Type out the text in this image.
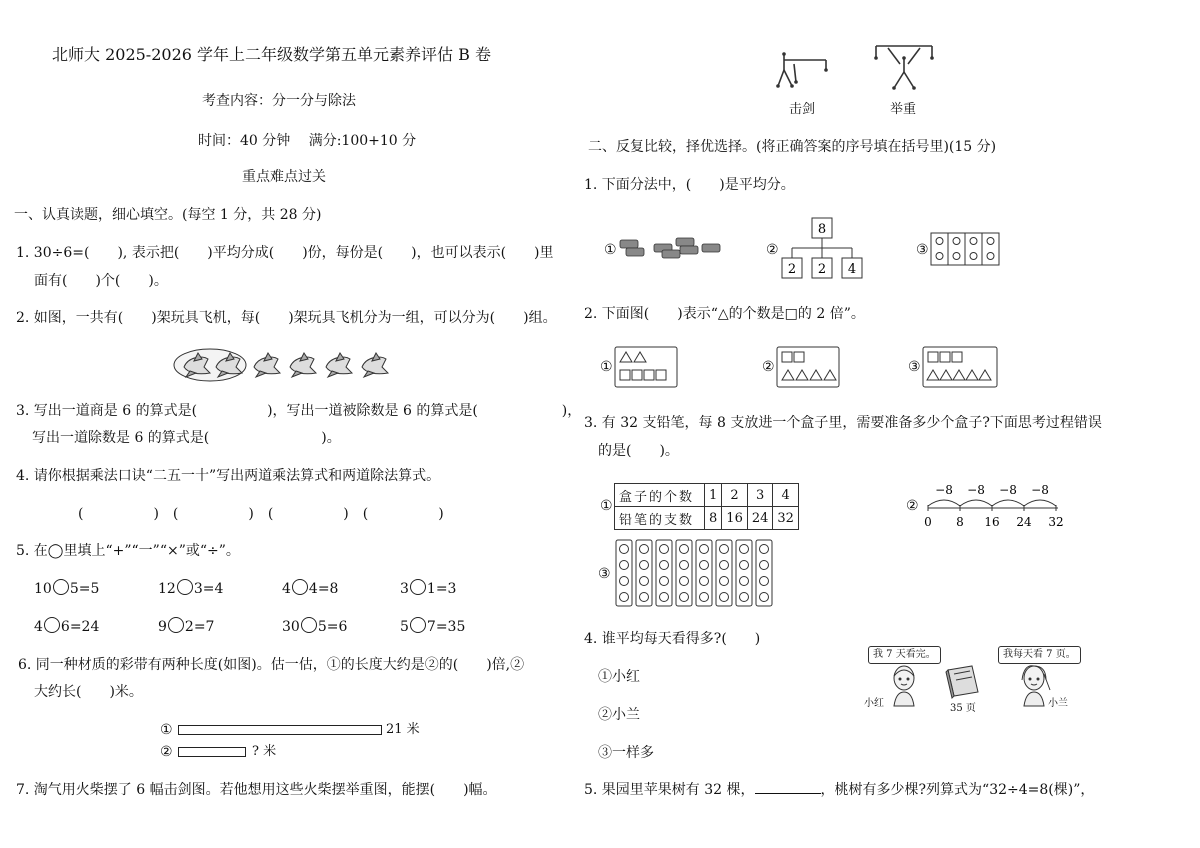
北师大 2025-2026 学年上二年级数学第五单元素养评估 B 卷
考查内容：分一分与除法
时间：40 分钟　 满分:100+10 分
重点难点过关
一、认真读题，细心填空。(每空 1 分，共 28 分)
1. 30÷6=(　　), 表示把(　　)平均分成(　　)份，每份是(　　)，也可以表示(　　)里
面有(　　)个(　　)。
2. 如图，一共有(　　)架玩具飞机，每(　　)架玩具飞机分为一组，可以分为(　　)组。
3. 写出一道商是 6 的算式是(　　　　　)，写出一道被除数是 6 的算式是(　　　　　　)，
写出一道除数是 6 的算式是(　　　　　　　　)。
4. 请你根据乘法口诀“二五一十”写出两道乘法算式和两道除法算式。
(　　　　　)　(　　　　　)　(　　　　　)　(　　　　　)
5. 在◯里填上“+”“一”“×”或“÷”。
10 5=5	12 3=4	4 4=8	3 1=3
4 6=24	9 2=7	30 5=6	5 7=35
6. 同一种材质的彩带有两种长度(如图)。估一估，①的长度大约是②的(　　)倍,②
大约长(　　)米。
①	21 米
②	? 米
7. 淘气用火柴摆了 6 幅击剑图。若他想用这些火柴摆举重图，能摆(　　)幅。
击剑	举重
二、反复比较，择优选择。(将正确答案的序号填在括号里)(15 分)
1. 下面分法中，(　　)是平均分。
①	②
8
2 2 4
③
2. 下面图(　　)表示“△的个数是□的 2 倍”。
①	②	③
3. 有 32 支铅笔，每 8 支放进一个盒子里，需要准备多少个盒子?下面思考过程错误
的是(　　)。
①
盒子的个数	1	2	3	4
铅笔的支数	8	16	24	32
②
−8 −8 −8 −8
0 8 16 24 32
③
4. 谁平均每天看得多?(　　)
①小红
②小兰
③一样多
我 7 天看完。	我每天看 7 页。
小红	35 页	小兰
5. 果园里苹果树有 32 棵，	，桃树有多少棵?列算式为“32÷4=8(棵)”，
